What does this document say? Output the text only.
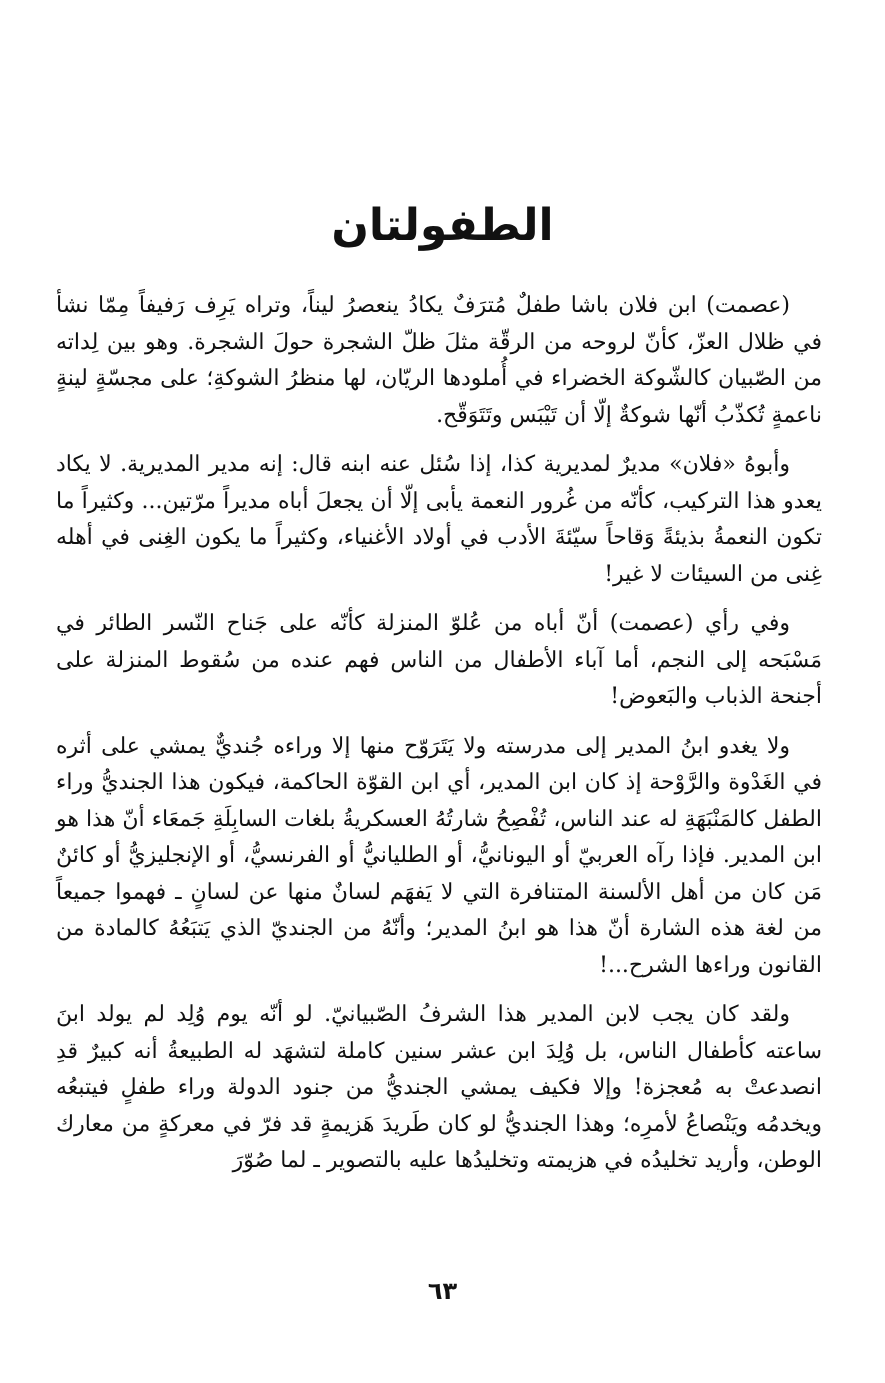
الطفولتان

(عصمت) ابن فلان باشا طفلٌ مُترَفٌ يكادُ ينعصرُ ليناً، وتراه يَرِف رَفيفاً مِمّا نشأ في ظلال العزّ، كأنّ لروحه من الرقّة مثلَ ظلّ الشجرة حولَ الشجرة. وهو بين لِداته من الصّبيان كالشّوكة الخضراء في أُملودها الريّان، لها منظرُ الشوكةِ؛ على مجسّةٍ لينةٍ ناعمةٍ تُكذّبُ أنّها شوكةٌ إلّا أن تَيْبَس وتَتَوَقّح.

وأبوهُ «فلان» مديرٌ لمديرية كذا، إذا سُئل عنه ابنه قال: إنه مدير المديرية. لا يكاد يعدو هذا التركيب، كأنّه من غُرور النعمة يأبى إلّا أن يجعلَ أباه مديراً مرّتين... وكثيراً ما تكون النعمةُ بذيئةً وَقاحاً سيّئةَ الأدب في أولاد الأغنياء، وكثيراً ما يكون الغِنى في أهله غِنى من السيئات لا غير!

وفي رأي (عصمت) أنّ أباه من عُلوّ المنزلة كأنّه على جَناح النّسر الطائر في مَسْبَحه إلى النجم، أما آباء الأطفال من الناس فهم عنده من سُقوط المنزلة على أجنحة الذباب والبَعوض!

ولا يغدو ابنُ المدير إلى مدرسته ولا يَتَرَوّح منها إلا وراءه جُنديٌّ يمشي على أثره في الغَدْوة والرَّوْحة إذ كان ابن المدير، أي ابن القوّة الحاكمة، فيكون هذا الجنديُّ وراء الطفل كالمَنْبَهَةِ له عند الناس، تُفْصِحُ شارتُهُ العسكريةُ بلغات السابِلَةِ جَمعَاء أنّ هذا هو ابن المدير. فإذا رآه العربيّ أو اليونانيُّ، أو الطليانيُّ أو الفرنسيُّ، أو الإنجليزيُّ أو كائنٌ مَن كان من أهل الألسنة المتنافرة التي لا يَفهَم لسانٌ منها عن لسانٍ ـ فهموا جميعاً من لغة هذه الشارة أنّ هذا هو ابنُ المدير؛ وأنّهُ من الجنديّ الذي يَتبَعُهُ كالمادة من القانون وراءها الشرح...!

ولقد كان يجب لابن المدير هذا الشرفُ الصّبيانيّ. لو أنّه يوم وُلِد لم يولد ابنَ ساعته كأطفال الناس، بل وُلِدَ ابن عشر سنين كاملة لتشهَد له الطبيعةُ أنه كبيرٌ قدِ انصدعتْ به مُعجزة! وإلا فكيف يمشي الجنديُّ من جنود الدولة وراء طفلٍ فيتبعُه ويخدمُه ويَنْصاعُ لأمرِه؛ وهذا الجنديُّ لو كان طَريدَ هَزيمةٍ قد فرّ في معركةٍ من معارك الوطن، وأريد تخليدُه في هزيمته وتخليدُها عليه بالتصوير ـ لما صُوّرَ

٦٣
